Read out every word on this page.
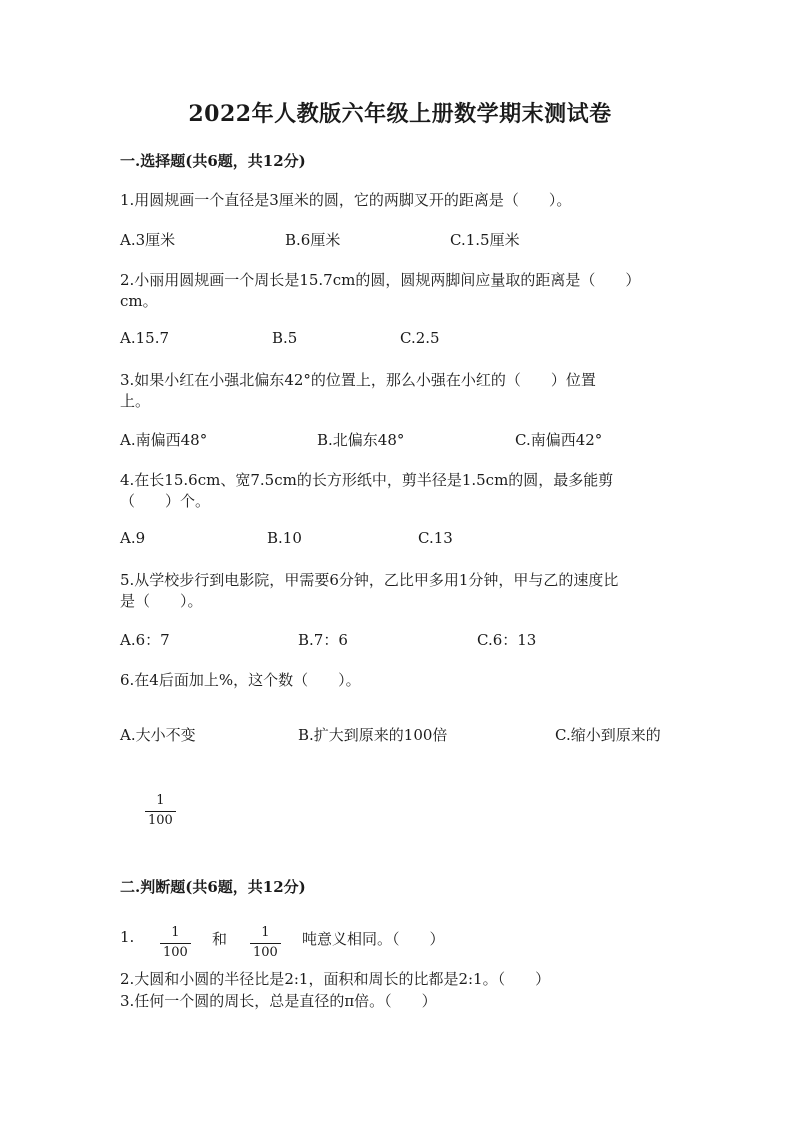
2022年人教版六年级上册数学期末测试卷
一.选择题(共6题，共12分)
1.用圆规画一个直径是3厘米的圆，它的两脚叉开的距离是（　　）。
A.3厘米	B.6厘米	C.1.5厘米
2.小丽用圆规画一个周长是15.7cm的圆，圆规两脚间应量取的距离是（　　）
cm。
A.15.7	B.5	C.2.5
3.如果小红在小强北偏东42°的位置上，那么小强在小红的（　　）位置
上。
A.南偏西48°	B.北偏东48°	C.南偏西42°
4.在长15.6cm、宽7.5cm的长方形纸中，剪半径是1.5cm的圆，最多能剪
（　　）个。
A.9	B.10	C.13
5.从学校步行到电影院，甲需要6分钟，乙比甲多用1分钟，甲与乙的速度比
是（　　）。
A.6：7	B.7：6	C.6：13
6.在4后面加上%，这个数（　　）。
A.大小不变	B.扩大到原来的100倍	C.缩小到原来的
$\frac{1}{100}$
二.判断题(共6题，共12分)
1. $\frac{1}{100}$ 和 $\frac{1}{100}$ 吨意义相同。（　　）
2.大圆和小圆的半径比是2:1，面积和周长的比都是2:1。（　　）
3.任何一个圆的周长，总是直径的π倍。（　　）
